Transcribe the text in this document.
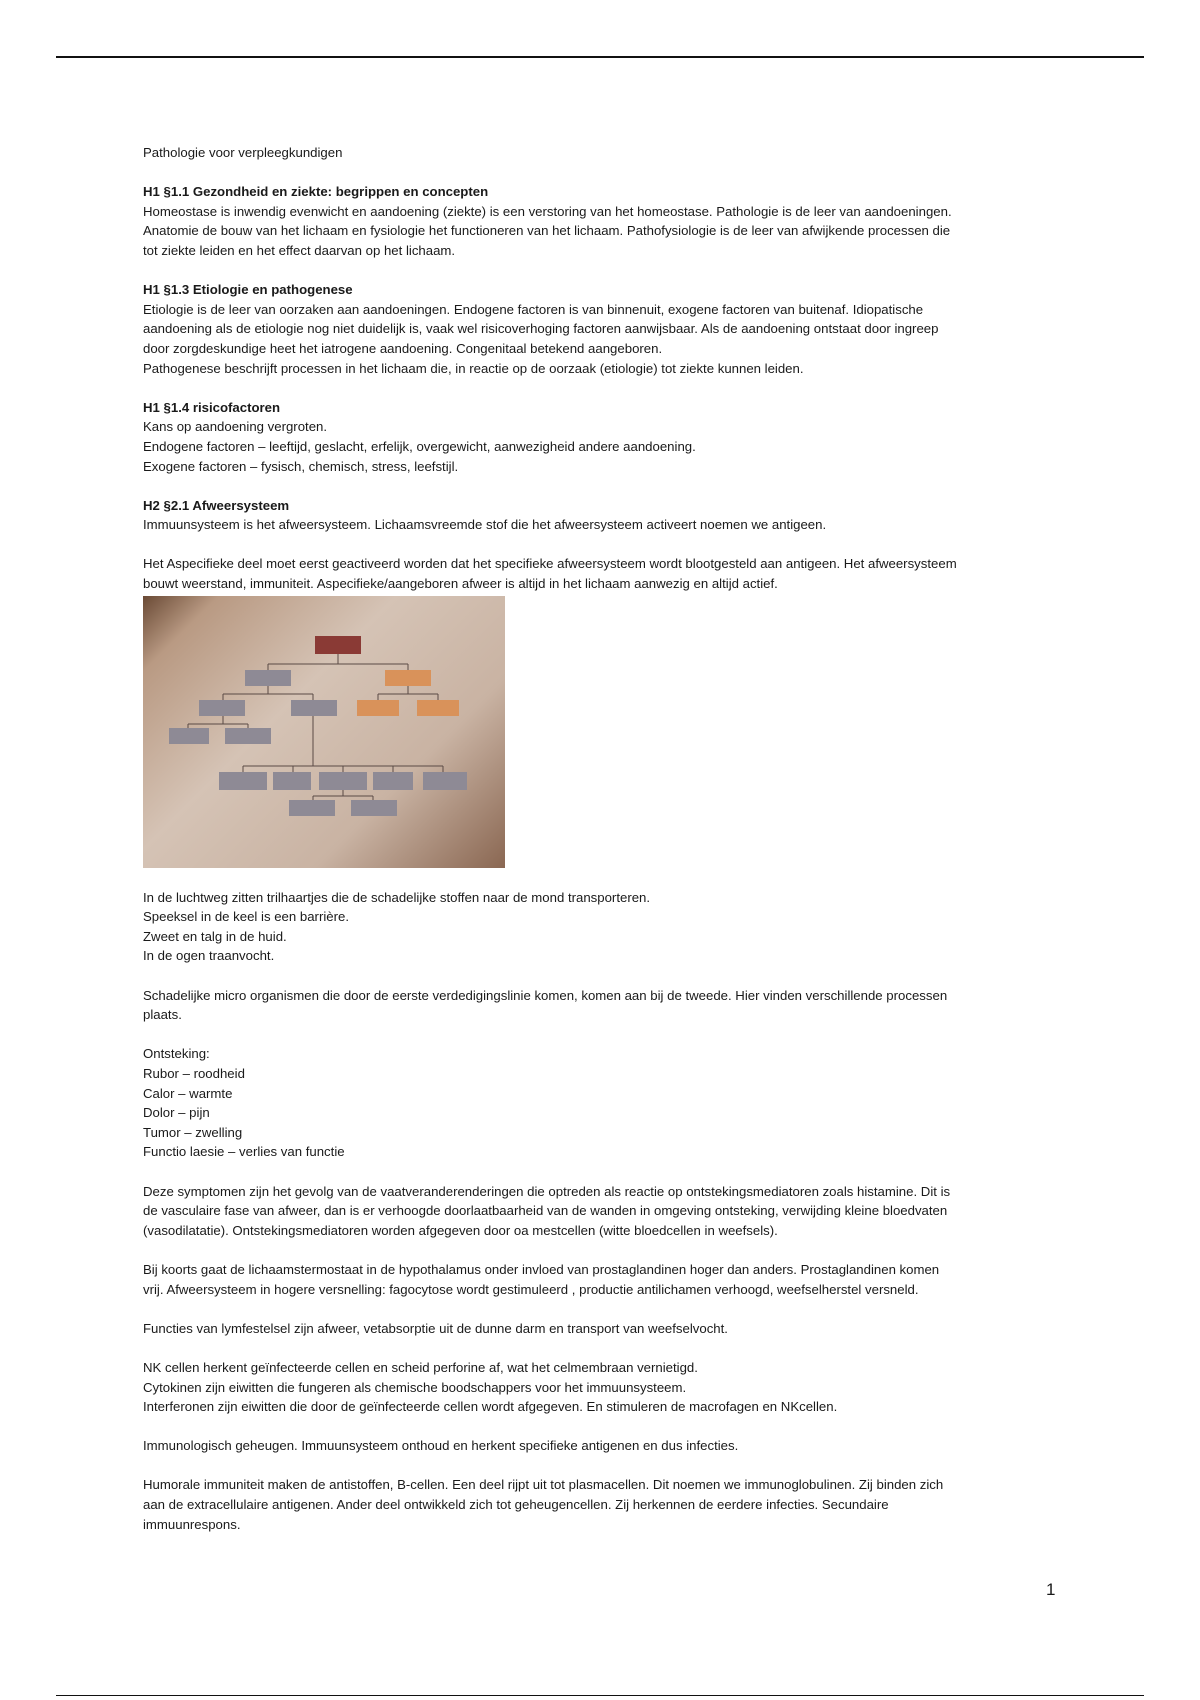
Pathologie voor verpleegkundigen

H1 §1.1 Gezondheid en ziekte: begrippen en concepten
Homeostase is inwendig evenwicht en aandoening (ziekte) is een verstoring van het homeostase. Pathologie is de leer van aandoeningen.
Anatomie de bouw van het lichaam en fysiologie het functioneren van het lichaam. Pathofysiologie is de leer van afwijkende processen die
tot ziekte leiden en het effect daarvan op het lichaam.

H1 §1.3 Etiologie en pathogenese
Etiologie is de leer van oorzaken aan aandoeningen. Endogene factoren is van binnenuit, exogene factoren van buitenaf. Idiopatische
aandoening als de etiologie nog niet duidelijk is, vaak wel risicoverhoging factoren aanwijsbaar. Als de aandoening ontstaat door ingreep
door zorgdeskundige heet het iatrogene aandoening. Congenitaal betekend aangeboren.
Pathogenese beschrijft processen in het lichaam die, in reactie op de oorzaak (etiologie) tot ziekte kunnen leiden.

H1 §1.4 risicofactoren
Kans op aandoening vergroten.
Endogene factoren – leeftijd, geslacht, erfelijk, overgewicht, aanwezigheid andere aandoening.
Exogene factoren – fysisch, chemisch, stress, leefstijl.

H2 §2.1 Afweersysteem
Immuunsysteem is het afweersysteem. Lichaamsvreemde stof die het afweersysteem activeert noemen we antigeen.

Het Aspecifieke deel moet eerst geactiveerd worden dat het specifieke afweersysteem wordt blootgesteld aan antigeen. Het afweersysteem
bouwt weerstand, immuniteit. Aspecifieke/aangeboren afweer is altijd in het lichaam aanwezig en altijd actief.

In de luchtweg zitten trilhaartjes die de schadelijke stoffen naar de mond transporteren.
Speeksel in de keel is een barrière.
Zweet en talg in de huid.
In de ogen traanvocht.

Schadelijke micro organismen die door de eerste verdedigingslinie komen, komen aan bij de tweede. Hier vinden verschillende processen
plaats.

Ontsteking:
Rubor – roodheid
Calor – warmte
Dolor – pijn
Tumor – zwelling
Functio laesie – verlies van functie

Deze symptomen zijn het gevolg van de vaatveranderenderingen die optreden als reactie op ontstekingsmediatoren zoals histamine. Dit is
de vasculaire fase van afweer, dan is er verhoogde doorlaatbaarheid van de wanden in omgeving ontsteking, verwijding kleine bloedvaten
(vasodilatatie). Ontstekingsmediatoren worden afgegeven door oa mestcellen (witte bloedcellen in weefsels).

Bij koorts gaat de lichaamstermostaat in de hypothalamus onder invloed van prostaglandinen hoger dan anders. Prostaglandinen komen
vrij. Afweersysteem in hogere versnelling: fagocytose wordt gestimuleerd , productie antilichamen verhoogd, weefselherstel versneld.

Functies van lymfestelsel zijn afweer, vetabsorptie uit de dunne darm en transport van weefselvocht.

NK cellen herkent geïnfecteerde cellen en scheid perforine af, wat het celmembraan vernietigd.
Cytokinen zijn eiwitten die fungeren als chemische boodschappers voor het immuunsysteem.
Interferonen zijn eiwitten die door de geïnfecteerde cellen wordt afgegeven. En stimuleren de macrofagen en NKcellen.

Immunologisch geheugen. Immuunsysteem onthoud en herkent specifieke antigenen en dus infecties.

Humorale immuniteit maken de antistoffen, B-cellen. Een deel rijpt uit tot plasmacellen. Dit noemen we immunoglobulinen. Zij binden zich
aan de extracellulaire antigenen. Ander deel ontwikkeld zich tot geheugencellen. Zij herkennen de eerdere infecties. Secundaire
immuunrespons.

1
